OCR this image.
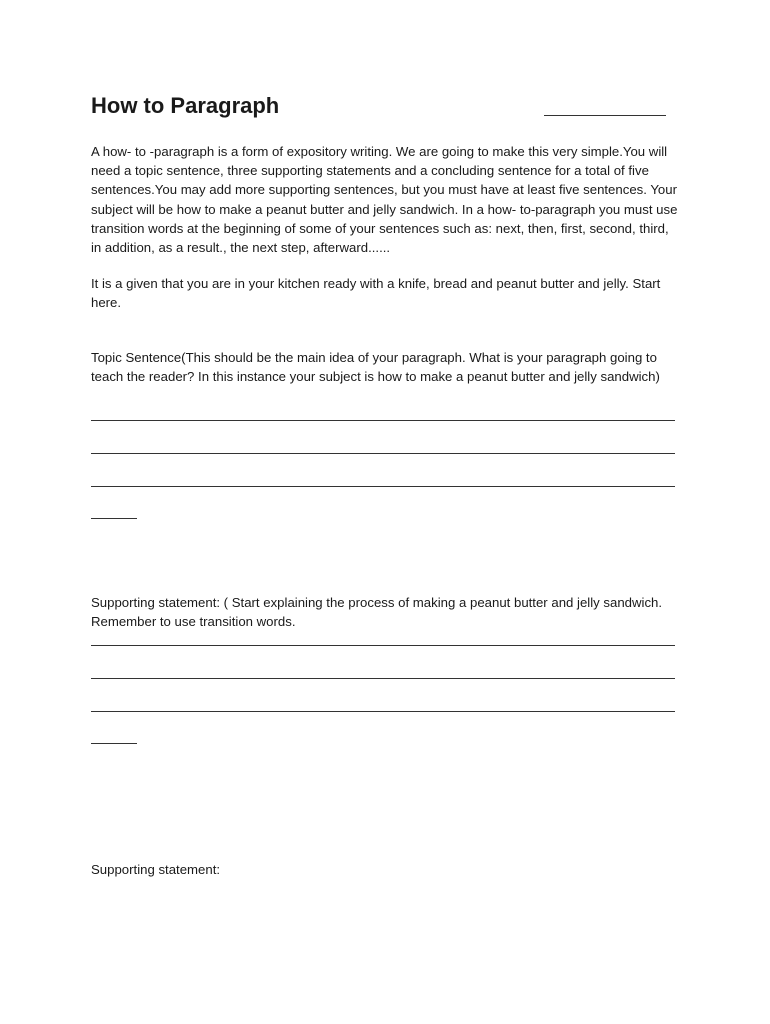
How to Paragraph

A how- to -paragraph is a form of expository writing. We are going to make this very simple.You will need a topic sentence, three supporting statements and a concluding sentence for a total of five sentences.You may add more supporting sentences, but you must have at least five sentences. Your subject will be how to make a peanut butter and jelly sandwich. In a how- to-paragraph you must use transition words at the beginning of some of your sentences such as: next, then, first, second, third, in addition, as a result., the next step, afterward......

It is a given that you are in your kitchen ready with a knife, bread and peanut butter and jelly. Start here.

Topic Sentence(This should be the main idea of your paragraph. What is your paragraph going to teach the reader? In this instance your subject is how to make a peanut butter and jelly sandwich)

Supporting statement: ( Start explaining the process of making a peanut butter and jelly sandwich. Remember to use transition words.

Supporting statement:
